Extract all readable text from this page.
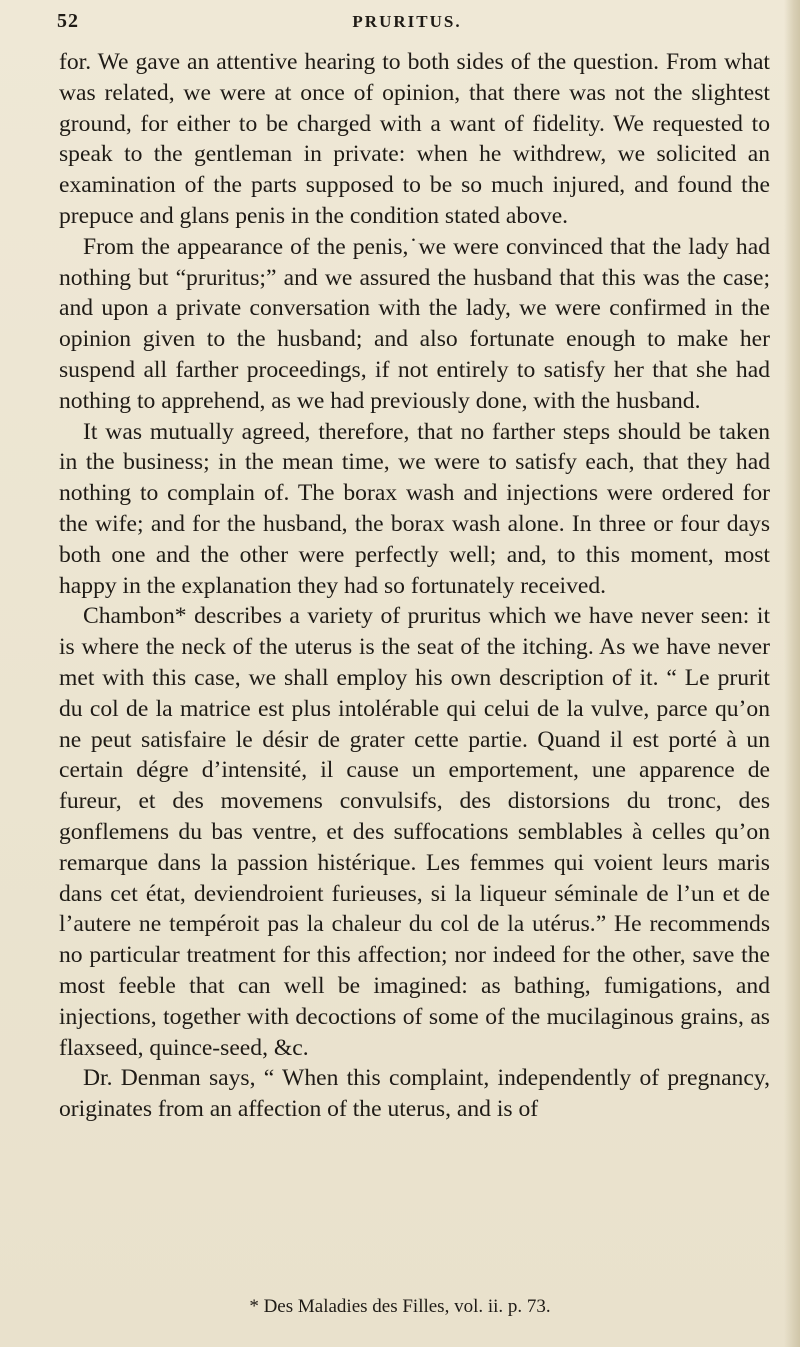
52	PRURITUS.

for. We gave an attentive hearing to both sides of the question. From what was related, we were at once of opinion, that there was not the slightest ground, for either to be charged with a want of fidelity. We requested to speak to the gentleman in private: when he withdrew, we solicited an examination of the parts supposed to be so much injured, and found the prepuce and glans penis in the condition stated above.

From the appearance of the penis,˙we were convinced that the lady had nothing but “pruritus;” and we assured the husband that this was the case; and upon a private conversation with the lady, we were confirmed in the opinion given to the husband; and also fortunate enough to make her suspend all farther proceedings, if not entirely to satisfy her that she had nothing to apprehend, as we had previously done, with the husband.

It was mutually agreed, therefore, that no farther steps should be taken in the business; in the mean time, we were to satisfy each, that they had nothing to complain of. The borax wash and injections were ordered for the wife; and for the husband, the borax wash alone. In three or four days both one and the other were perfectly well; and, to this moment, most happy in the explanation they had so fortunately received.

Chambon* describes a variety of pruritus which we have never seen: it is where the neck of the uterus is the seat of the itching. As we have never met with this case, we shall employ his own description of it. “ Le prurit du col de la matrice est plus intolérable qui celui de la vulve, parce qu’on ne peut satisfaire le désir de grater cette partie. Quand il est porté à un certain dégre d’intensité, il cause un emportement, une apparence de fureur, et des movemens convulsifs, des distorsions du tronc, des gonflemens du bas ventre, et des suffocations semblables à celles qu’on remarque dans la passion histérique. Les femmes qui voient leurs maris dans cet état, deviendroient furieuses, si la liqueur séminale de l’un et de l’autere ne tempéroit pas la chaleur du col de la utérus.” He recommends no particular treatment for this affection; nor indeed for the other, save the most feeble that can well be imagined: as bathing, fumigations, and injections, together with decoctions of some of the mucilaginous grains, as flaxseed, quince-seed, &c.

Dr. Denman says, “ When this complaint, independently of pregnancy, originates from an affection of the uterus, and is of

* Des Maladies des Filles, vol. ii. p. 73.
